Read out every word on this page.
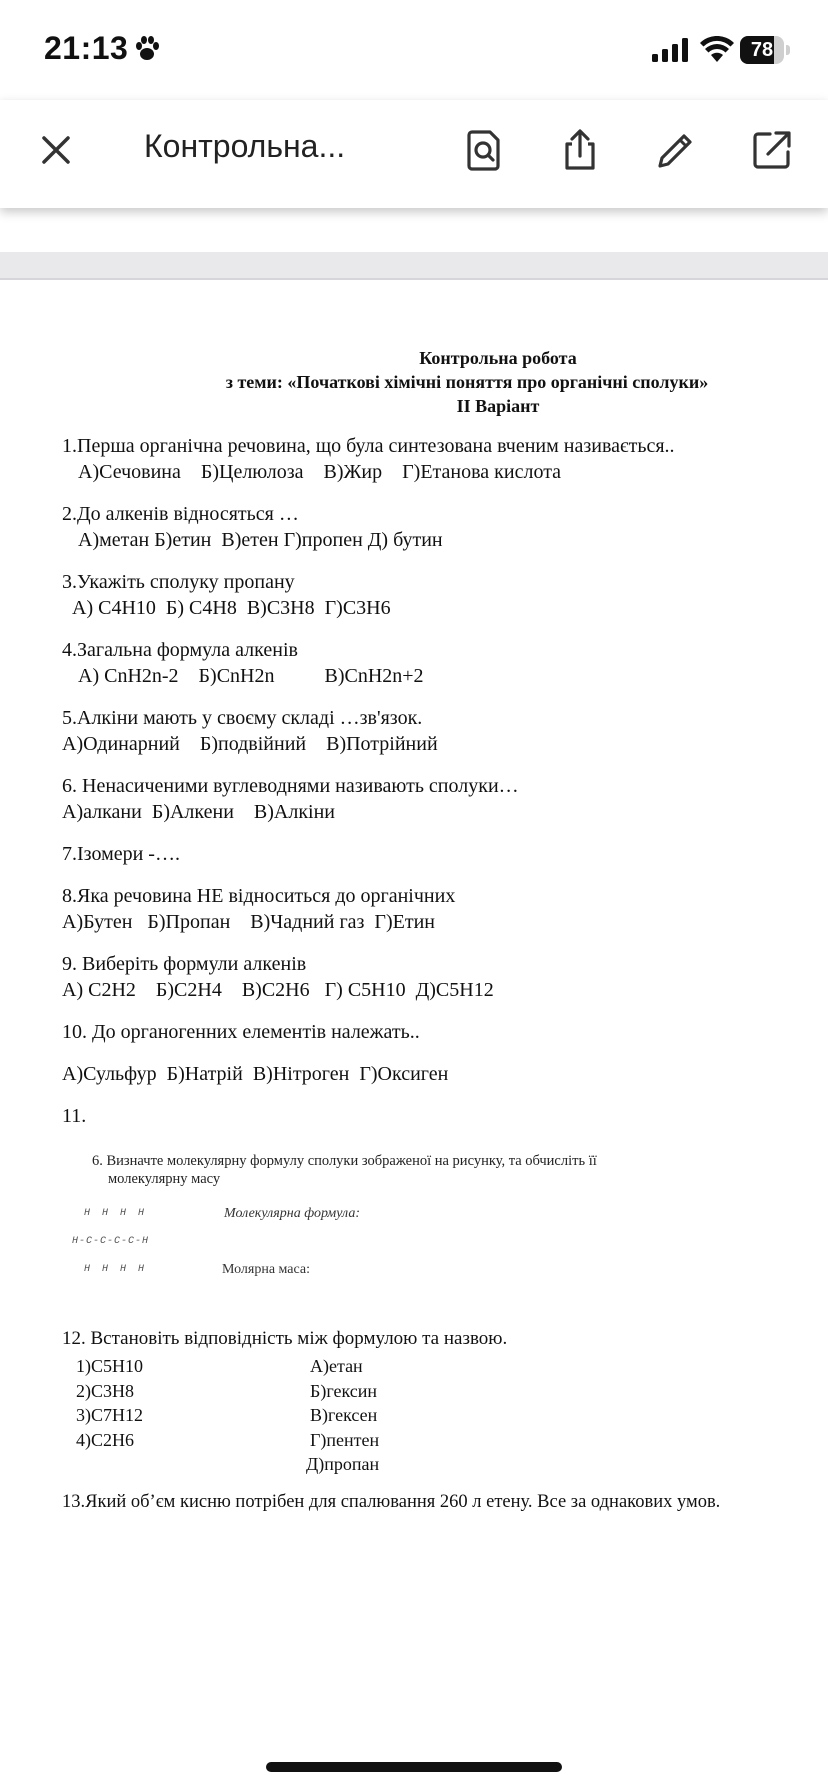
21:13	78
Контрольна...
Контрольна робота
з теми: «Початкові хімічні поняття про органічні сполуки»
ІІ Варіант
1.Перша органічна речовина, що була синтезована вченим називається..
А)Сечовина    Б)Целюлоза    В)Жир    Г)Етанова кислота
2.До алкенів відносяться …
А)метан Б)етин  В)етен Г)пропен Д) бутин
3.Укажіть сполуку пропану
А) C4H10  Б) C4H8  В)C3H8  Г)C3H6
4.Загальна формула алкенів
А) CnH2n-2    Б)CnH2n          В)CnH2n+2
5.Алкіни мають у своєму складі …зв'язок.
А)Одинарний    Б)подвійний    В)Потрійний
6. Ненасиченими вуглеводнями називають сполуки…
А)алкани  Б)Алкени    В)Алкіни
7.Ізомери -….
8.Яка речовина НЕ відноситься до органічних
А)Бутен   Б)Пропан    В)Чадний газ  Г)Етин
9. Виберіть формули алкенів
А) C2H2    Б)C2H4    В)C2H6   Г) C5H10  Д)C5H12
10. До органогенних елементів належать..
А)Сульфур  Б)Натрій  В)Нітроген  Г)Оксиген
11.
6. Визначте молекулярну формулу сполуки зображеної на рисунку, та обчисліть її
молекулярну масу
H H H H
H-C-C-C-C-H
H H H H
Молекулярна формула:
Молярна маса:
12. Встановіть відповідність між формулою та назвою.
1)C5H10
2)C3H8
3)C7H12
4)C2H6
А)етан
Б)гексин
В)гексен
Г)пентен
Д)пропан
13.Який об’єм кисню потрібен для спалювання 260 л етену. Все за однакових умов.
